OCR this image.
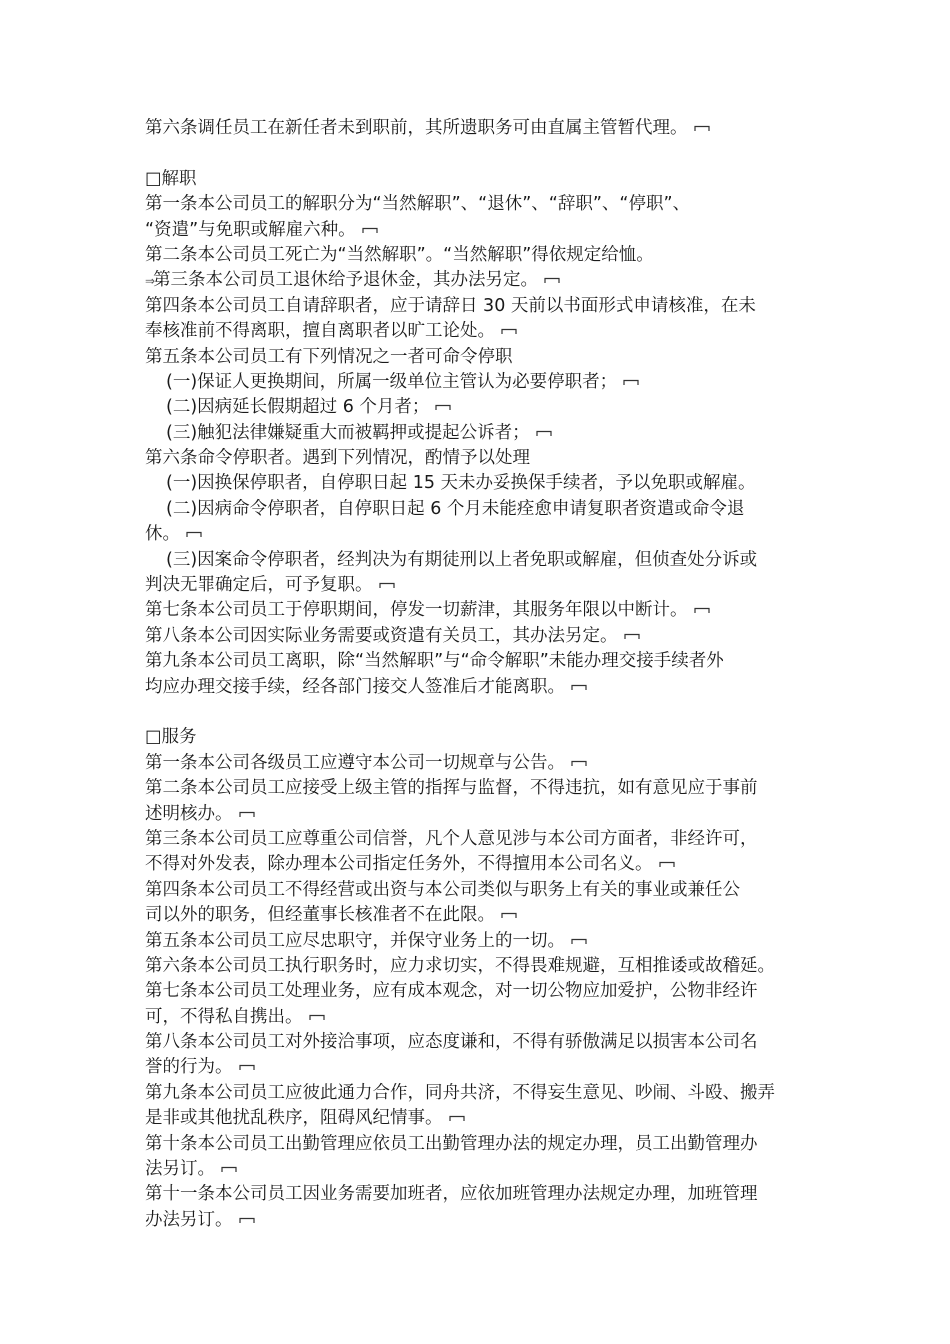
第六条调任员工在新任者未到职前，其所遗职务可由直属主管暂代理。
□解职
第一条本公司员工的解职分为“当然解职”、“退休”、“辞职”、“停职”、
“资遣”与免职或解雇六种。
第二条本公司员工死亡为“当然解职”。“当然解职”得依规定给恤。
⇒第三条本公司员工退休给予退休金，其办法另定。
第四条本公司员工自请辞职者，应于请辞日 30 天前以书面形式申请核准，在未
奉核准前不得离职，擅自离职者以旷工论处。
第五条本公司员工有下列情况之一者可命令停职
(一)保证人更换期间，所属一级单位主管认为必要停职者；
(二)因病延长假期超过 6 个月者；
(三)触犯法律嫌疑重大而被羁押或提起公诉者；
第六条命令停职者。遇到下列情况，酌情予以处理
(一)因换保停职者，自停职日起 15 天未办妥换保手续者，予以免职或解雇。
(二)因病命令停职者，自停职日起 6 个月未能痊愈申请复职者资遣或命令退
休。
(三)因案命令停职者，经判决为有期徒刑以上者免职或解雇，但侦查处分诉或
判决无罪确定后，可予复职。
第七条本公司员工于停职期间，停发一切薪津，其服务年限以中断计。
第八条本公司因实际业务需要或资遣有关员工，其办法另定。
第九条本公司员工离职，除“当然解职”与“命令解职”未能办理交接手续者外
均应办理交接手续，经各部门接交人签准后才能离职。
□服务
第一条本公司各级员工应遵守本公司一切规章与公告。
第二条本公司员工应接受上级主管的指挥与监督，不得违抗，如有意见应于事前
述明核办。
第三条本公司员工应尊重公司信誉，凡个人意见涉与本公司方面者，非经许可，
不得对外发表，除办理本公司指定任务外，不得擅用本公司名义。
第四条本公司员工不得经营或出资与本公司类似与职务上有关的事业或兼任公
司以外的职务，但经董事长核准者不在此限。
第五条本公司员工应尽忠职守，并保守业务上的一切。
第六条本公司员工执行职务时，应力求切实，不得畏难规避，互相推诿或故稽延。
第七条本公司员工处理业务，应有成本观念，对一切公物应加爱护，公物非经许
可，不得私自携出。
第八条本公司员工对外接洽事项，应态度谦和，不得有骄傲满足以损害本公司名
誉的行为。
第九条本公司员工应彼此通力合作，同舟共济，不得妄生意见、吵闹、斗殴、搬弄
是非或其他扰乱秩序，阻碍风纪情事。
第十条本公司员工出勤管理应依员工出勤管理办法的规定办理，员工出勤管理办
法另订。
第十一条本公司员工因业务需要加班者，应依加班管理办法规定办理，加班管理
办法另订。
